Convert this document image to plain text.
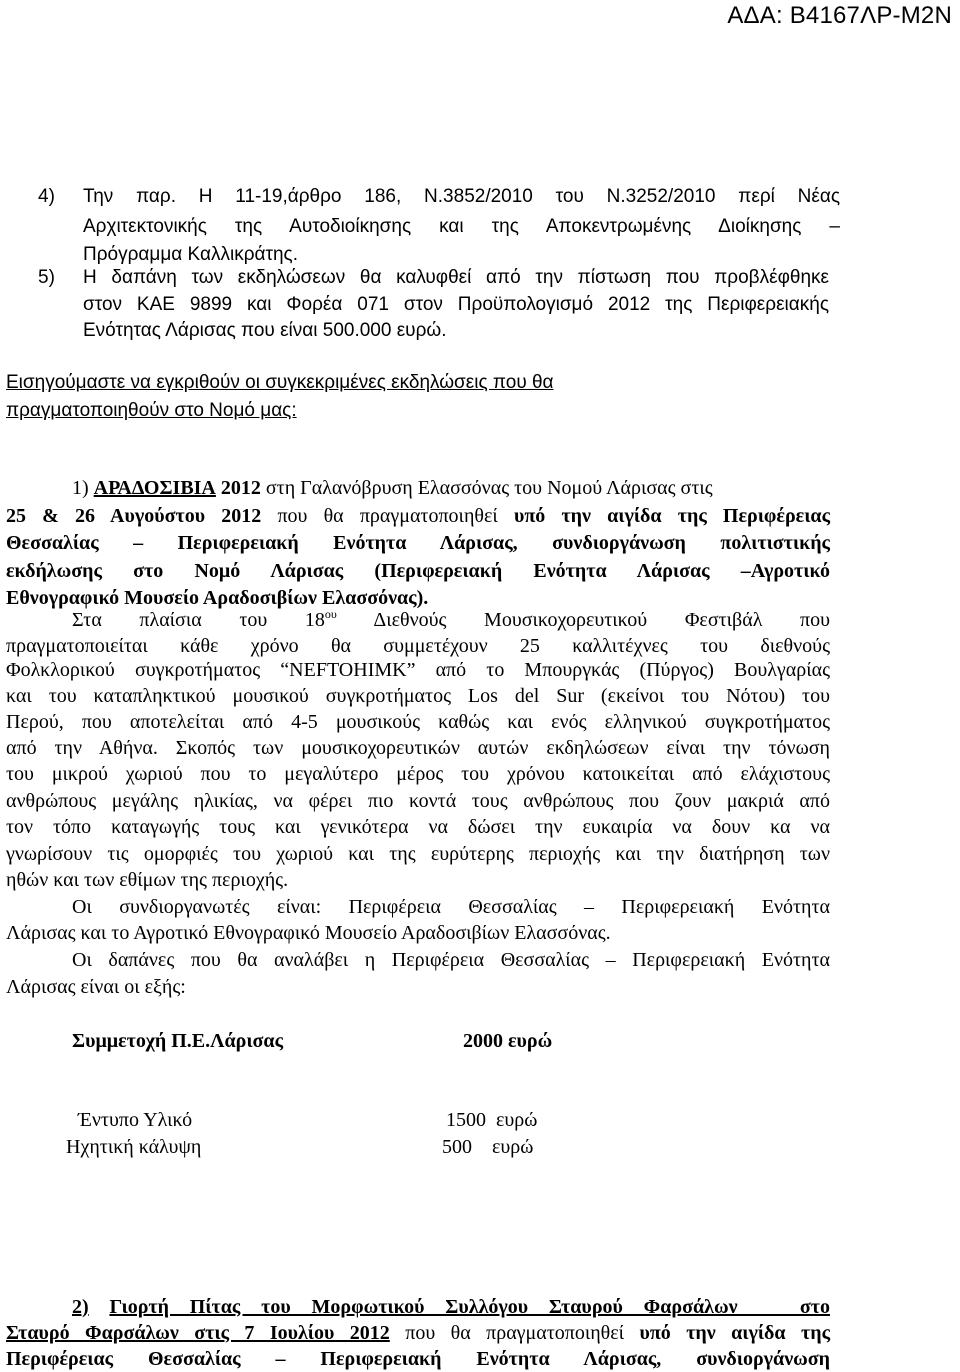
ΑΔΑ: Β4167ΛΡ-Μ2Ν
4) Την παρ. Η 11-19,άρθρο 186, Ν.3852/2010 του Ν.3252/2010 περί Νέας
Αρχιτεκτονικής της Αυτοδιοίκησης και της Αποκεντρωμένης Διοίκησης –
Πρόγραμμα Καλλικράτης.
5) Η δαπάνη των εκδηλώσεων θα καλυφθεί από την πίστωση που προβλέφθηκε
στον ΚΑΕ 9899 και Φορέα 071 στον Προϋπολογισμό 2012 της Περιφερειακής
Ενότητας Λάρισας που είναι 500.000 ευρώ.
Εισηγούμαστε να εγκριθούν οι συγκεκριμένες εκδηλώσεις που θα
πραγματοποιηθούν στο Νομό μας:
1) ΑΡΑΔΟΣΙΒΙΑ 2012 στη Γαλανόβρυση Ελασσόνας του Νομού Λάρισας στις
25 & 26 Αυγούστου 2012 που θα πραγματοποιηθεί υπό την αιγίδα της Περιφέρειας
Θεσσαλίας – Περιφερειακή Ενότητα Λάρισας, συνδιοργάνωση πολιτιστικής
εκδήλωσης στο Νομό Λάρισας (Περιφερειακή Ενότητα Λάρισας –Αγροτικό
Εθνογραφικό Μουσείο Αραδοσιβίων Ελασσόνας).
Στα πλαίσια του $18^{o\upsilon}$ Διεθνούς Μουσικοχορευτικού Φεστιβάλ που
πραγματοποιείται κάθε χρόνο θα συμμετέχουν 25 καλλιτέχνες του διεθνούς
Φολκλορικού συγκροτήματος “NEFTOHIMK” από το Μπουργκάς (Πύργος) Βουλγαρίας
και του καταπληκτικού μουσικού συγκροτήματος Los del Sur (εκείνοι του Νότου) του
Περού, που αποτελείται από 4-5 μουσικούς καθώς και ενός ελληνικού συγκροτήματος
από την Αθήνα. Σκοπός των μουσικοχορευτικών αυτών εκδηλώσεων είναι την τόνωση
του μικρού χωριού που το μεγαλύτερο μέρος του χρόνου κατοικείται από ελάχιστους
ανθρώπους μεγάλης ηλικίας, να φέρει πιο κοντά τους ανθρώπους που ζουν μακριά από
τον τόπο καταγωγής τους και γενικότερα να δώσει την ευκαιρία να δουν κα να
γνωρίσουν τις ομορφιές του χωριού και της ευρύτερης περιοχής και την διατήρηση των
ηθών και των εθίμων της περιοχής.
Οι συνδιοργανωτές είναι: Περιφέρεια Θεσσαλίας – Περιφερειακή Ενότητα
Λάρισας και το Αγροτικό Εθνογραφικό Μουσείο Αραδοσιβίων Ελασσόνας.
Οι δαπάνες που θα αναλάβει η Περιφέρεια Θεσσαλίας – Περιφερειακή Ενότητα
Λάρισας είναι οι εξής:
Συμμετοχή Π.Ε.Λάρισας	2000 ευρώ
Έντυπο Υλικό	1500  ευρώ
Ηχητική κάλυψη	500    ευρώ
2) Γιορτή Πίτας του Μορφωτικού Συλλόγου Σταυρού Φαρσάλων   στο
Σταυρό Φαρσάλων στις 7 Ιουλίου 2012 που θα πραγματοποιηθεί υπό την αιγίδα της
Περιφέρειας Θεσσαλίας – Περιφερειακή Ενότητα Λάρισας, συνδιοργάνωση
